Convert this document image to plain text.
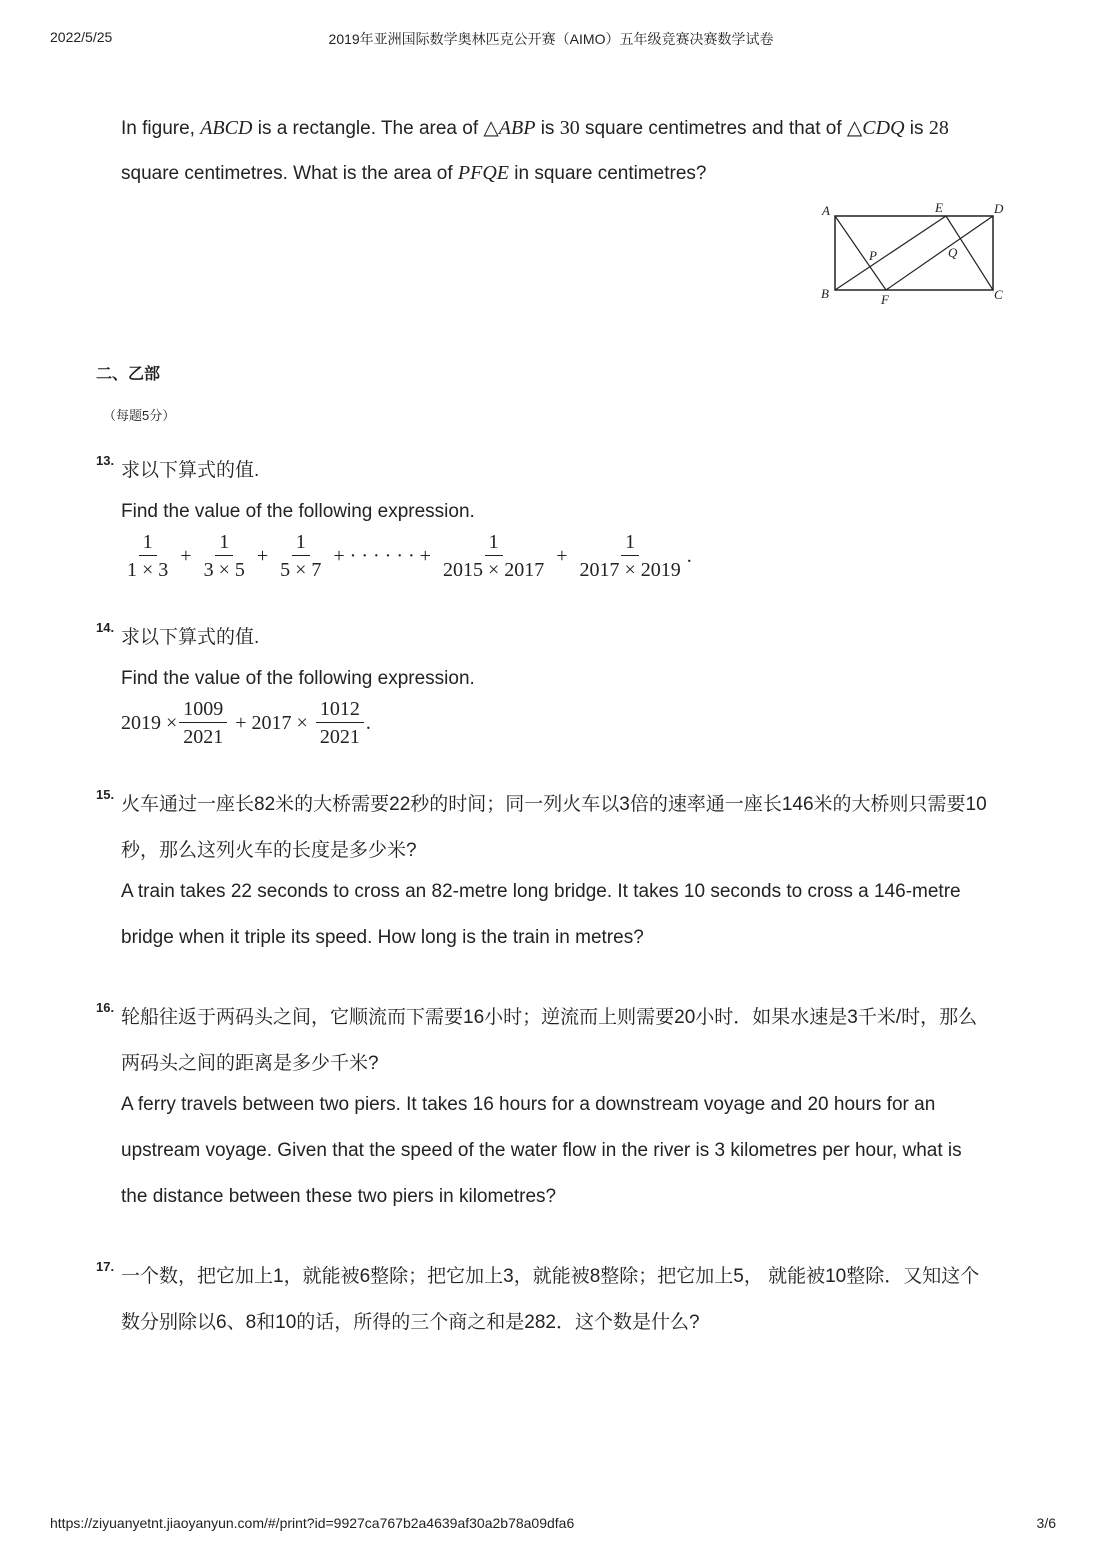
2022/5/25	2019年亚洲国际数学奥林匹克公开赛（AIMO）五年级竞赛决赛数学试卷
In figure, ABCD is a rectangle. The area of △ABP is 30 square centimetres and that of △CDQ is 28
square centimetres. What is the area of PFQE in square centimetres?
A
B	C
D
E
F
P	Q
二、乙部
（每题5分）
13. 求以下算式的值.
Find the value of the following expression.
$\frac{1}{1 \times 3} + \frac{1}{3 \times 5} + \frac{1}{5 \times 7}$ + · · · · · · + $\frac{1}{2015 \times 2017} + \frac{1}{2017 \times 2019}$ .
14. 求以下算式的值.
Find the value of the following expression.
$2019 \times \frac{1009}{2021} + 2017 \times \frac{1012}{2021}$ .
15. 火车通过一座长82米的大桥需要22秒的时间；同一列火车以3倍的速率通一座长146米的大桥则只需要10
秒，那么这列火车的长度是多少米?
A train takes 22 seconds to cross an 82-metre long bridge. It takes 10 seconds to cross a 146-metre
bridge when it triple its speed. How long is the train in metres?
16. 轮船往返于两码头之间，它顺流而下需要16小时；逆流而上则需要20小时．如果水速是3千米/时，那么
两码头之间的距离是多少千米?
A ferry travels between two piers. It takes 16 hours for a downstream voyage and 20 hours for an
upstream voyage. Given that the speed of the water flow in the river is 3 kilometres per hour, what is
the distance between these two piers in kilometres?
17. 一个数，把它加上1，就能被6整除；把它加上3，就能被8整除；把它加上5， 就能被10整除．又知这个
数分别除以6、8和10的话，所得的三个商之和是282．这个数是什么?
https://ziyuanyetnt.jiaoyanyun.com/#/print?id=9927ca767b2a4639af30a2b78a09dfa6	3/6
